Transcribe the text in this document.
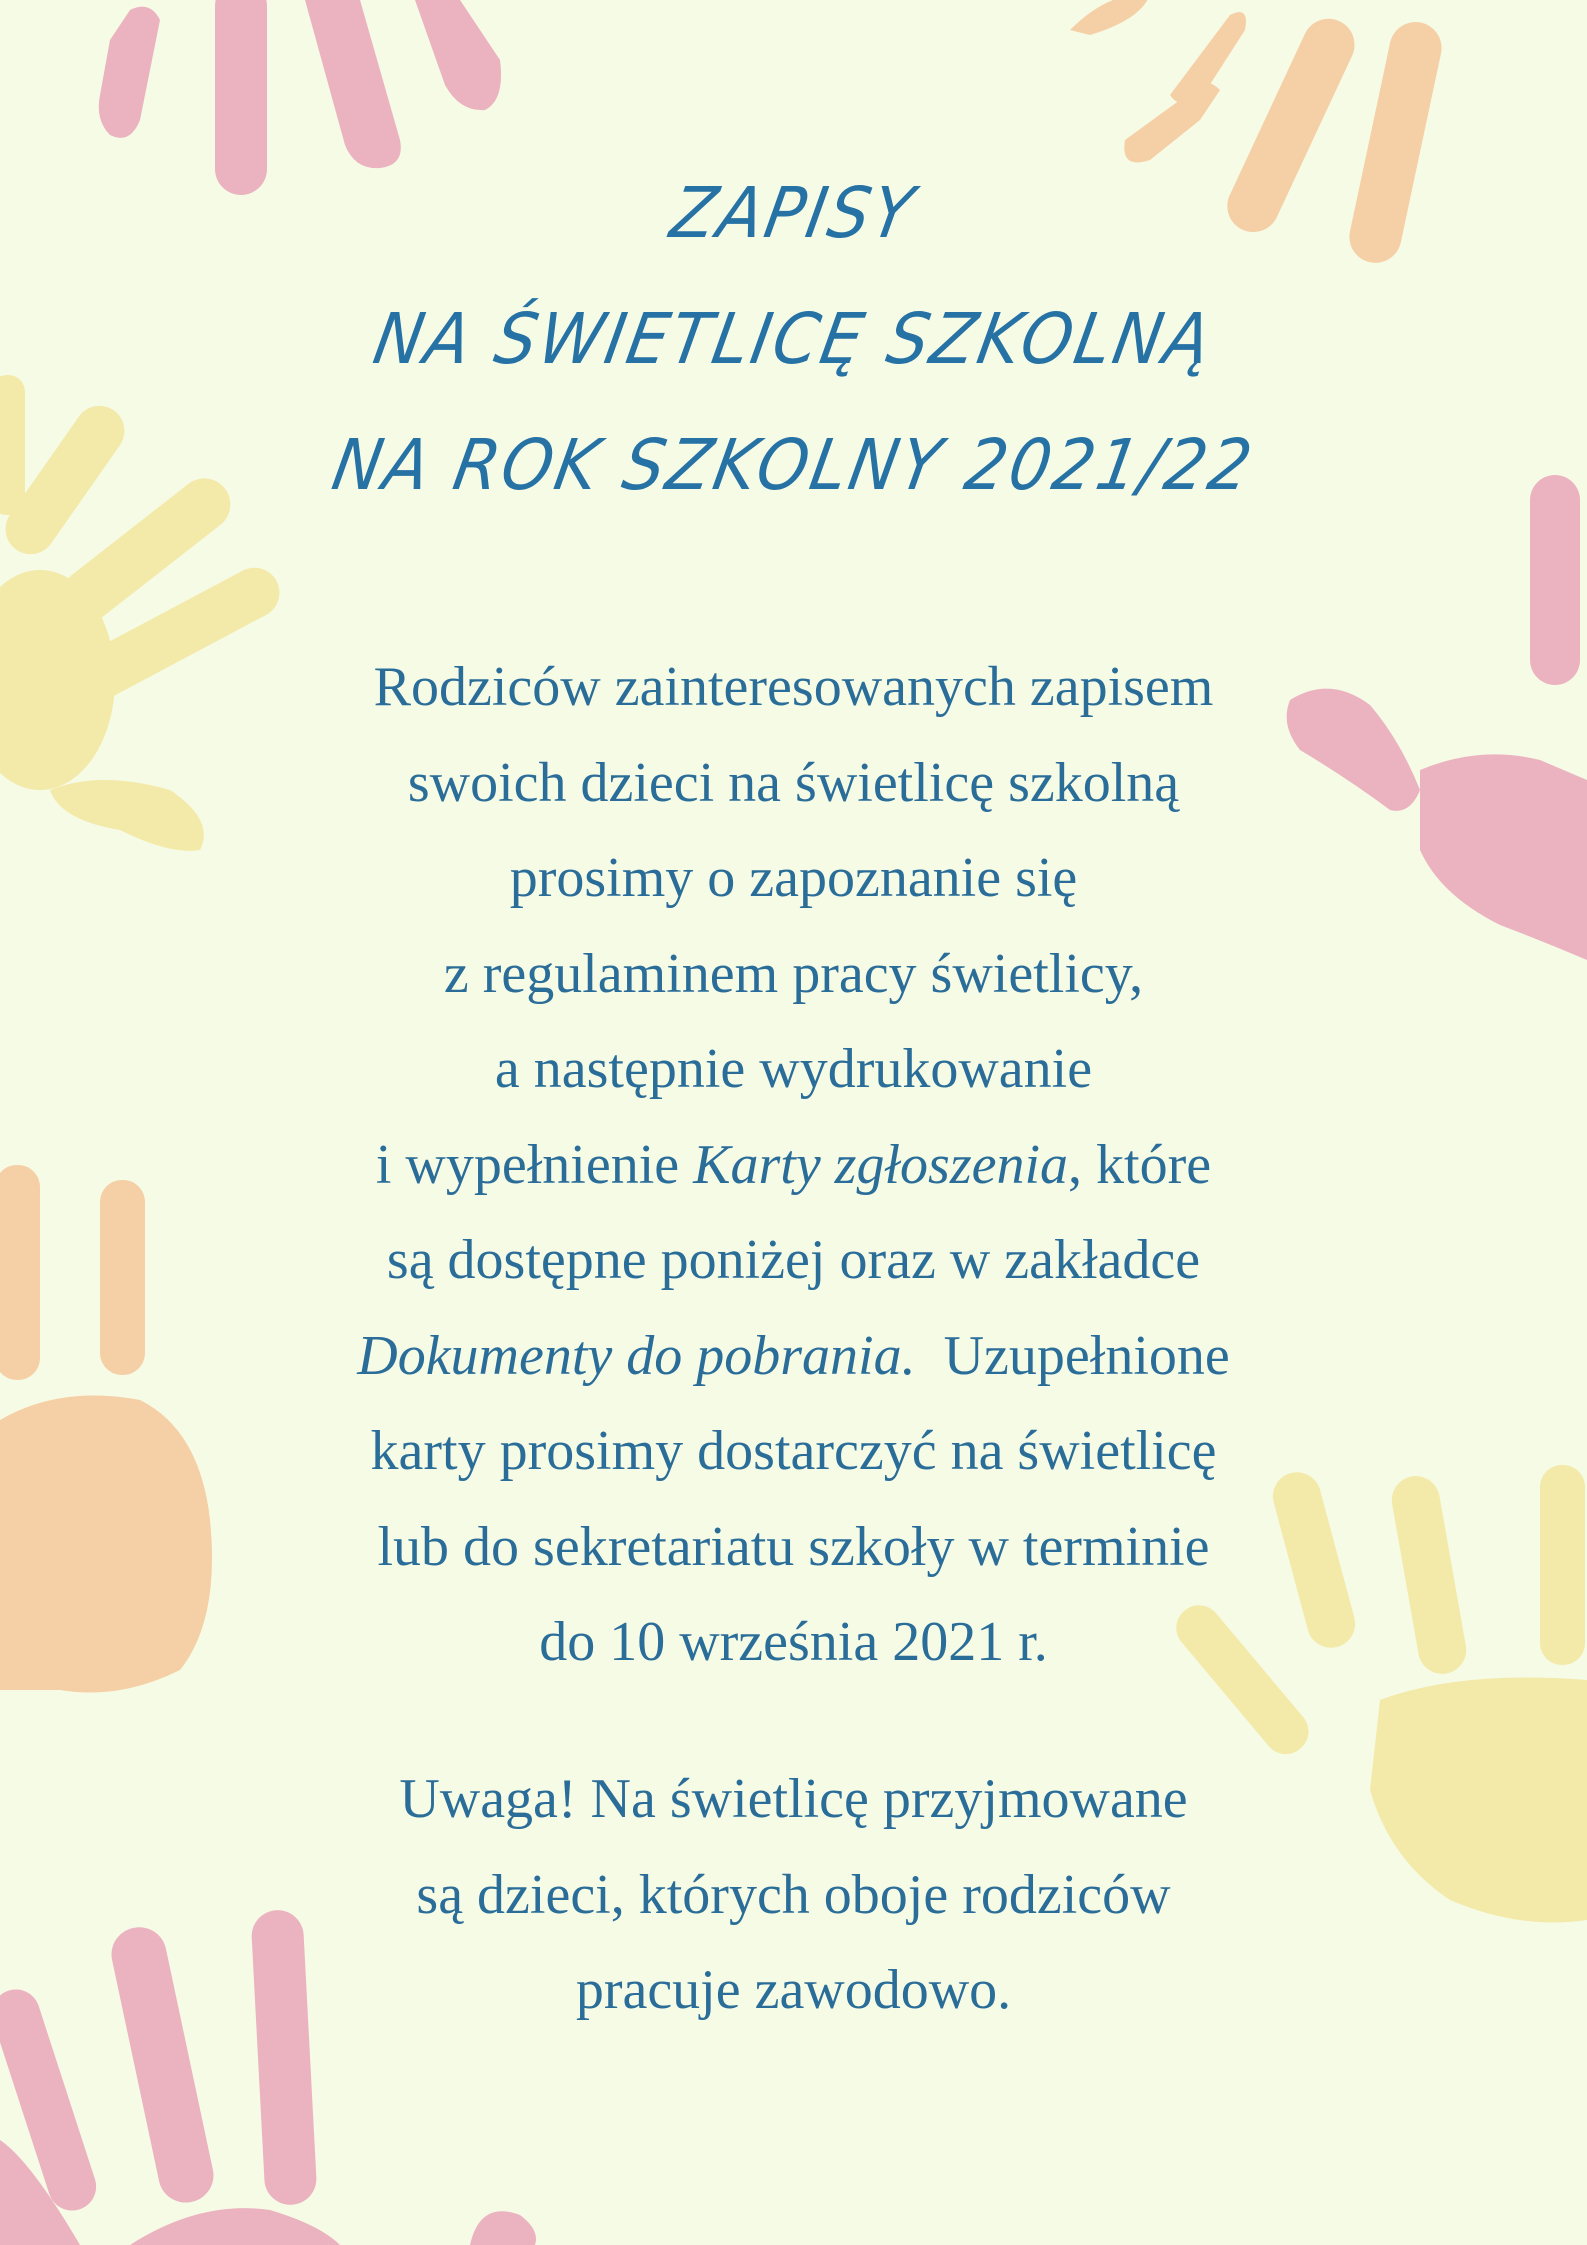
ZAPISY
NA ŚWIETLICĘ SZKOLNĄ
NA ROK SZKOLNY 2021/22
Rodziców zainteresowanych zapisem
swoich dzieci na świetlicę szkolną
prosimy o zapoznanie się
z regulaminem pracy świetlicy,
a następnie wydrukowanie
i wypełnienie Karty zgłoszenia, które
są dostępne poniżej oraz w zakładce
Dokumenty do pobrania.  Uzupełnione
karty prosimy dostarczyć na świetlicę
lub do sekretariatu szkoły w terminie
do 10 września 2021 r.
Uwaga! Na świetlicę przyjmowane
są dzieci, których oboje rodziców
pracuje zawodowo.
